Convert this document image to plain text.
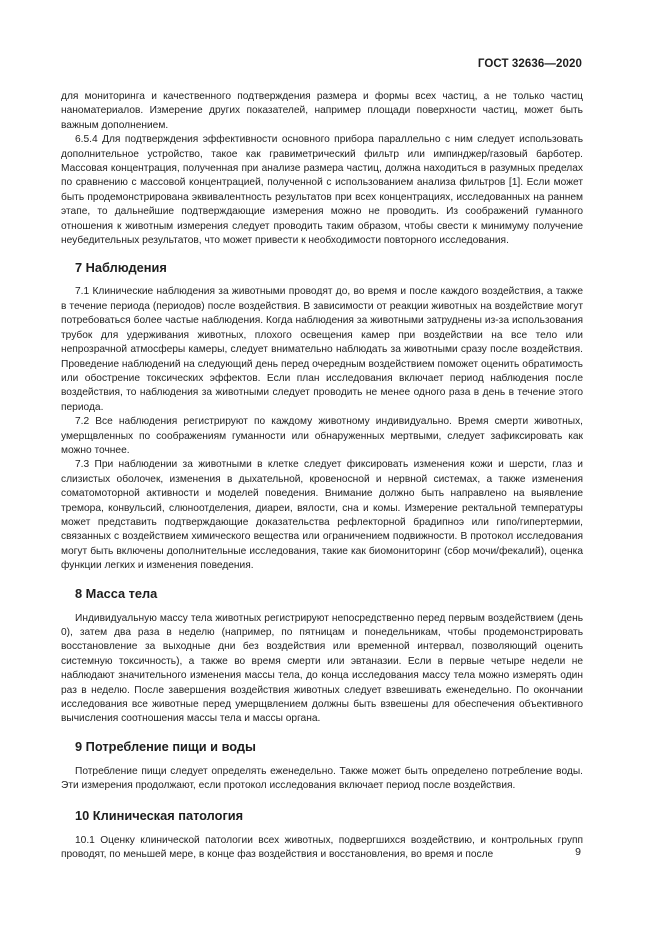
ГОСТ 32636—2020

для мониторинга и качественного подтверждения размера и формы всех частиц, а не только частиц наноматериалов. Измерение других показателей, например площади поверхности частиц, может быть важным дополнением.

6.5.4 Для подтверждения эффективности основного прибора параллельно с ним следует использовать дополнительное устройство, такое как гравиметрический фильтр или импинджер/газовый барботер. Массовая концентрация, полученная при анализе размера частиц, должна находиться в разумных пределах по сравнению с массовой концентрацией, полученной с использованием анализа фильтров [1]. Если может быть продемонстрирована эквивалентность результатов при всех концентрациях, исследованных на раннем этапе, то дальнейшие подтверждающие измерения можно не проводить. Из соображений гуманного отношения к животным измерения следует проводить таким образом, чтобы свести к минимуму получение неубедительных результатов, что может привести к необходимости повторного исследования.

7 Наблюдения

7.1 Клинические наблюдения за животными проводят до, во время и после каждого воздействия, а также в течение периода (периодов) после воздействия. В зависимости от реакции животных на воздействие могут потребоваться более частые наблюдения. Когда наблюдения за животными затруднены из-за использования трубок для удерживания животных, плохого освещения камер при воздействии на все тело или непрозрачной атмосферы камеры, следует внимательно наблюдать за животными сразу после воздействия. Проведение наблюдений на следующий день перед очередным воздействием поможет оценить обратимость или обострение токсических эффектов. Если план исследования включает период наблюдения после воздействия, то наблюдения за животными следует проводить не менее одного раза в день в течение этого периода.

7.2 Все наблюдения регистрируют по каждому животному индивидуально. Время смерти животных, умерщвленных по соображениям гуманности или обнаруженных мертвыми, следует зафиксировать как можно точнее.

7.3 При наблюдении за животными в клетке следует фиксировать изменения кожи и шерсти, глаз и слизистых оболочек, изменения в дыхательной, кровеносной и нервной системах, а также изменения соматомоторной активности и моделей поведения. Внимание должно быть направлено на выявление тремора, конвульсий, слюноотделения, диареи, вялости, сна и комы. Измерение ректальной температуры может представить подтверждающие доказательства рефлекторной брадипноэ или гипо/гипертермии, связанных с воздействием химического вещества или ограничением подвижности. В протокол исследования могут быть включены дополнительные исследования, такие как биомониторинг (сбор мочи/фекалий), оценка функции легких и изменения поведения.

8 Масса тела

Индивидуальную массу тела животных регистрируют непосредственно перед первым воздействием (день 0), затем два раза в неделю (например, по пятницам и понедельникам, чтобы продемонстрировать восстановление за выходные дни без воздействия или временной интервал, позволяющий оценить системную токсичность), а также во время смерти или эвтаназии. Если в первые четыре недели не наблюдают значительного изменения массы тела, до конца исследования массу тела можно измерять один раз в неделю. После завершения воздействия животных следует взвешивать еженедельно. По окончании исследования все животные перед умерщвлением должны быть взвешены для обеспечения объективного вычисления соотношения массы тела и массы органа.

9 Потребление пищи и воды

Потребление пищи следует определять еженедельно. Также может быть определено потребление воды. Эти измерения продолжают, если протокол исследования включает период после воздействия.

10 Клиническая патология

10.1 Оценку клинической патологии всех животных, подвергшихся воздействию, и контрольных групп проводят, по меньшей мере, в конце фаз воздействия и восстановления, во время и после	9
